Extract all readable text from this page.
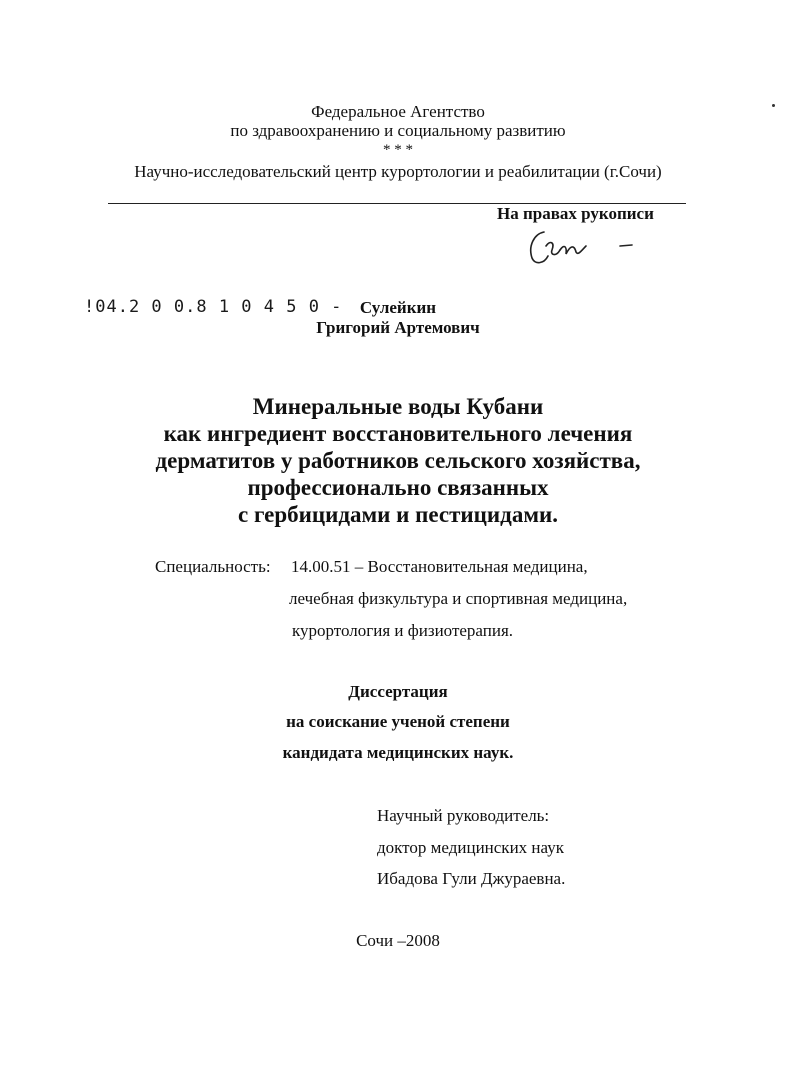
Федеральное Агентство
по здравоохранению и социальному развитию
* * *
Научно-исследовательский центр курортологии и реабилитации (г.Сочи)
На правах рукописи
!04.2 0 0.8 1 0 4 5 0 -	Сулейкин
Григорий Артемович
Минеральные воды Кубани
как ингредиент восстановительного лечения
дерматитов у работников сельского хозяйства,
профессионально связанных
с гербицидами и пестицидами.
Специальность: 14.00.51 – Восстановительная медицина,
лечебная физкультура и спортивная медицина,
курортология и физиотерапия.
Диссертация
на соискание ученой степени
кандидата медицинских наук.
Научный руководитель:
доктор медицинских наук
Ибадова Гули Джураевна.
Сочи –2008
